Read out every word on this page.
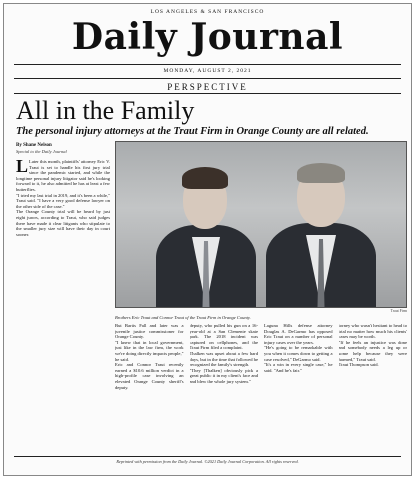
LOS ANGELES & SAN FRANCISCO
Daily Journal
MONDAY, AUGUST 2, 2021
PERSPECTIVE
All in the Family
The personal injury attorneys at the Traut Firm in Orange County are all related.
By Shane Nelson
Special to the Daily Journal

L Later this month, plaintiffs' attorney Eric V. Traut is set to handle his first jury trial since the pandemic started, and while the longtime personal injury litigator said he's looking forward to it, he also admitted he has at least a few butterflies.

"I tried my last trial in 2019, and it's been a while," Traut said. "I have a very good defense lawyer on the other side of the case."

The Orange County trial will be heard by just eight jurors, according to Traut, who said judges there have made it clear litigants who stipulate to the smaller jury size will have their day in court sooner.

Traut Firm
Brothers Eric Traut and Connor Traut of the Traut Firm in Orange County.

But Bartis Fall and later was a juvenile justice commissioner for Orange County.

"I knew that in local government, just like in the law firm, the work we're doing directly impacts people," he said.

Eric and Connor Traut recently earned a $10.6 million verdict in a high-profile case involving an elevated Orange County sheriff's deputy.

deputy, who pulled his gun on a 16-year-old at a San Clemente skate park. The 2018 incident was captured on cellphones, and the Traut Firm filed a complaint.

Thalken was upset about a few hard days, but in the time that followed he recognized the family's strength.

"They [Thalken] obviously pick a great public it in my client's face and and blew the whole jury system."

Laguna Hills defense attorney Douglas A. DeGarmo has opposed Eric Traut on a number of personal injury cases over the years.

"He's going to be remarkable with you when it comes down to getting a case resolved," DeGarmo said.

"It's a win in every single case," he said. "And he's fair."

torney who wasn't hesitant to head to trial no matter how much his clients' cases may be worth.

"If he feels an injustice was done and somebody needs a leg up or some help because they were harmed," Traut said.

Traut Thompson said.

Reprinted with permission from the Daily Journal. ©2021 Daily Journal Corporation. All rights reserved.
